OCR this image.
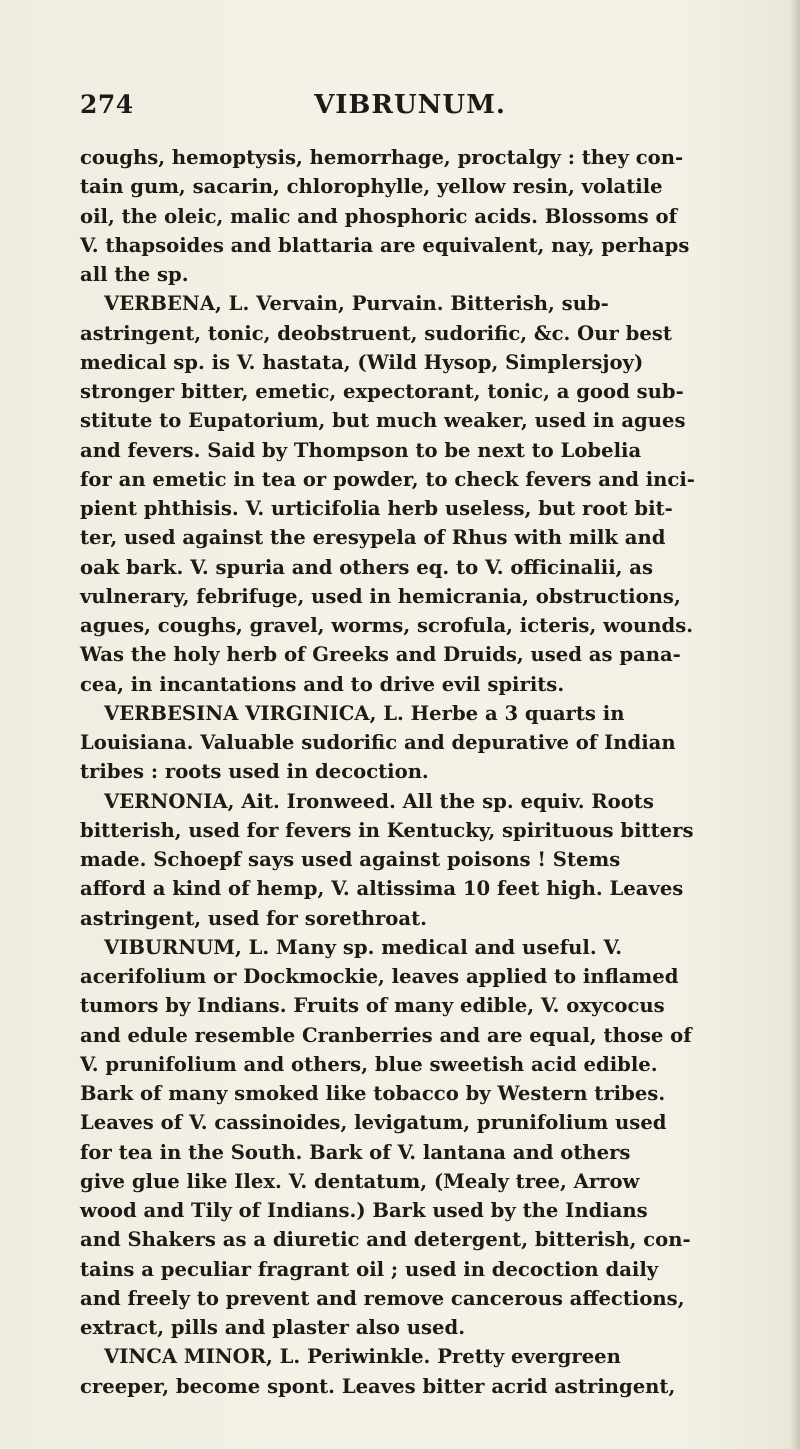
274	VIBRUNUM.
coughs, hemoptysis, hemorrhage, proctalgy : they con-
tain gum, sacarin, chlorophylle, yellow resin, volatile
oil, the oleic, malic and phosphoric acids. Blossoms of
V. thapsoides and blattaria are equivalent, nay, perhaps
all the sp.
VERBENA, L. Vervain, Purvain. Bitterish, sub-
astringent, tonic, deobstruent, sudorific, &c. Our best
medical sp. is V. hastata, (Wild Hysop, Simplersjoy)
stronger bitter, emetic, expectorant, tonic, a good sub-
stitute to Eupatorium, but much weaker, used in agues
and fevers. Said by Thompson to be next to Lobelia
for an emetic in tea or powder, to check fevers and inci-
pient phthisis. V. urticifolia herb useless, but root bit-
ter, used against the eresypela of Rhus with milk and
oak bark. V. spuria and others eq. to V. officinalii, as
vulnerary, febrifuge, used in hemicrania, obstructions,
agues, coughs, gravel, worms, scrofula, icteris, wounds.
Was the holy herb of Greeks and Druids, used as pana-
cea, in incantations and to drive evil spirits.
VERBESINA VIRGINICA, L. Herbe a 3 quarts in
Louisiana. Valuable sudorific and depurative of Indian
tribes : roots used in decoction.
VERNONIA, Ait. Ironweed. All the sp. equiv. Roots
bitterish, used for fevers in Kentucky, spirituous bitters
made. Schoepf says used against poisons ! Stems
afford a kind of hemp, V. altissima 10 feet high. Leaves
astringent, used for sorethroat.
VIBURNUM, L. Many sp. medical and useful. V.
acerifolium or Dockmockie, leaves applied to inflamed
tumors by Indians. Fruits of many edible, V. oxycocus
and edule resemble Cranberries and are equal, those of
V. prunifolium and others, blue sweetish acid edible.
Bark of many smoked like tobacco by Western tribes.
Leaves of V. cassinoides, levigatum, prunifolium used
for tea in the South. Bark of V. lantana and others
give glue like Ilex. V. dentatum, (Mealy tree, Arrow
wood and Tily of Indians.) Bark used by the Indians
and Shakers as a diuretic and detergent, bitterish, con-
tains a peculiar fragrant oil ; used in decoction daily
and freely to prevent and remove cancerous affections,
extract, pills and plaster also used.
VINCA MINOR, L. Periwinkle. Pretty evergreen
creeper, become spont. Leaves bitter acrid astringent,
